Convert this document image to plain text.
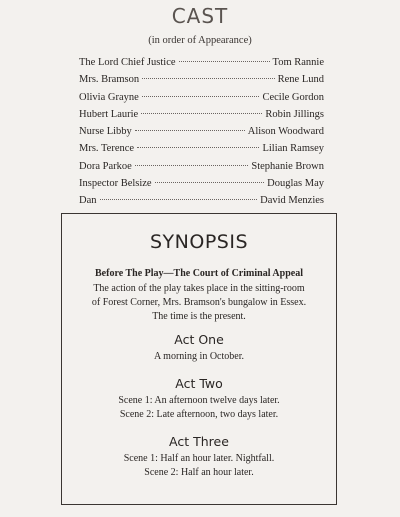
CAST
(in order of Appearance)
The Lord Chief Justice	Tom Rannie
Mrs. Bramson	Rene Lund
Olivia Grayne	Cecile Gordon
Hubert Laurie	Robin Jillings
Nurse Libby	Alison Woodward
Mrs. Terence	Lilian Ramsey
Dora Parkoe	Stephanie Brown
Inspector Belsize	Douglas May
Dan	David Menzies
SYNOPSIS
Before The Play—The Court of Criminal Appeal
The action of the play takes place in the sitting-room
of Forest Corner, Mrs. Bramson's bungalow in Essex.
The time is the present.
Act One
A morning in October.
Act Two
Scene 1: An afternoon twelve days later.
Scene 2: Late afternoon, two days later.
Act Three
Scene 1: Half an hour later. Nightfall.
Scene 2: Half an hour later.
